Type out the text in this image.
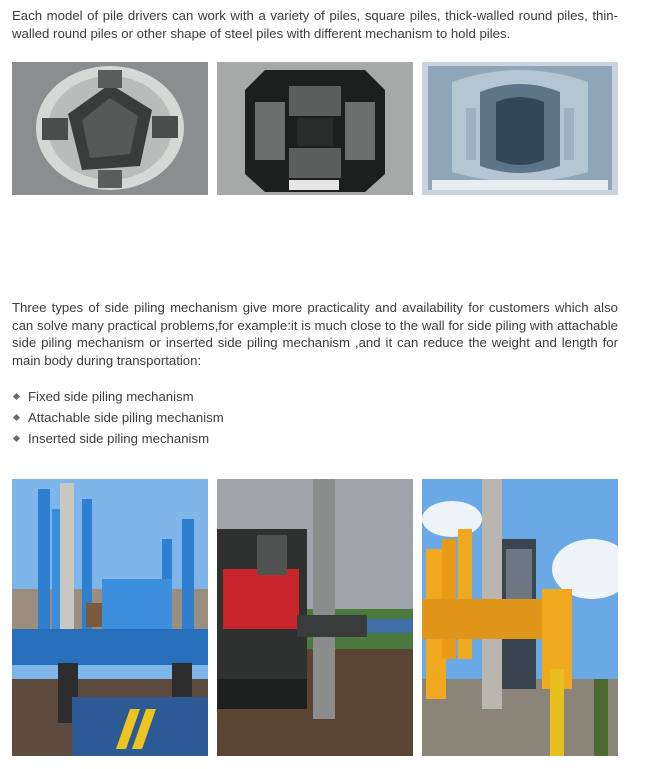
Each model of pile drivers can work with a variety of piles, square piles, thick-walled round piles, thin-walled round piles or other shape of steel piles with different mechanism to hold piles.

Three types of side piling mechanism give more practicality and availability for customers which also can solve many practical problems,for example:it is much close to the wall for side piling with attachable side piling mechanism or inserted side piling mechanism ,and it can reduce the weight and length for main body during transportation:

Fixed side piling mechanism
Attachable side piling mechanism
Inserted side piling mechanism
